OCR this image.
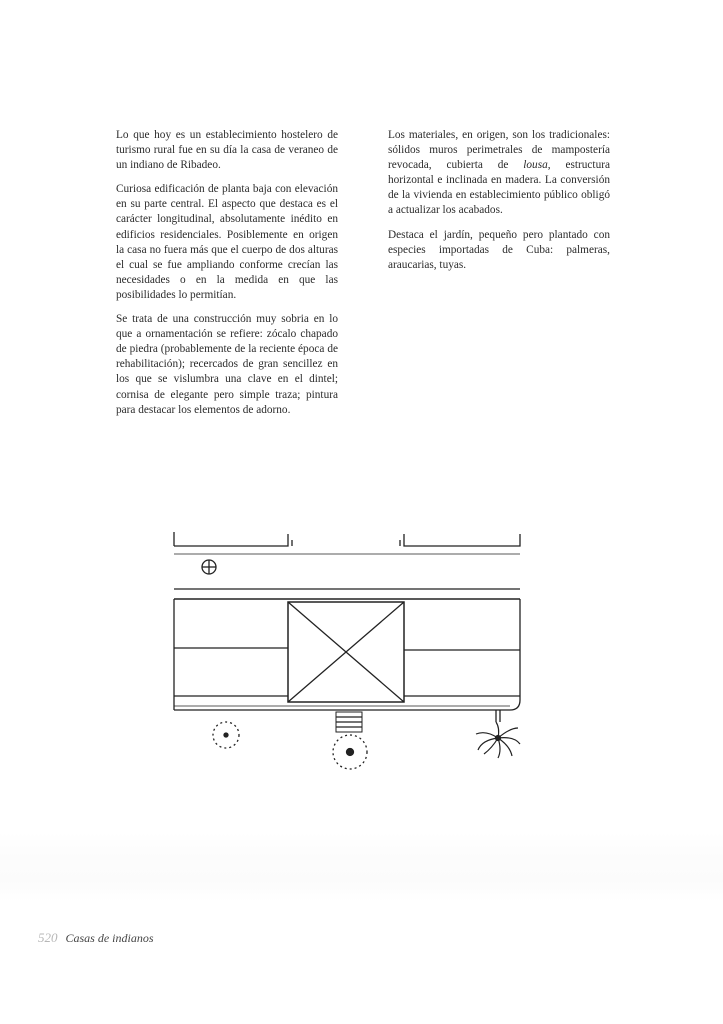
Lo que hoy es un establecimiento hostelero de turismo rural fue en su día la casa de veraneo de un indiano de Ribadeo.

Curiosa edificación de planta baja con elevación en su parte central. El aspecto que destaca es el carácter longitudinal, absolutamente inédito en edificios residenciales. Posiblemente en origen la casa no fuera más que el cuerpo de dos alturas el cual se fue ampliando conforme crecían las necesidades o en la medida en que las posibilidades lo permitían.

Se trata de una construcción muy sobria en lo que a ornamentación se refiere: zócalo chapado de piedra (probablemente de la reciente época de rehabilitación); recercados de gran sencillez en los que se vislumbra una clave en el dintel; cornisa de elegante pero simple traza; pintura para destacar los elementos de adorno.

Los materiales, en origen, son los tradicionales: sólidos muros perimetrales de mampostería revocada, cubierta de lousa, estructura horizontal e inclinada en madera. La conversión de la vivienda en establecimiento público obligó a actualizar los acabados.

Destaca el jardín, pequeño pero plantado con especies importadas de Cuba: palmeras, araucarias, tuyas.

520 Casas de indianos
